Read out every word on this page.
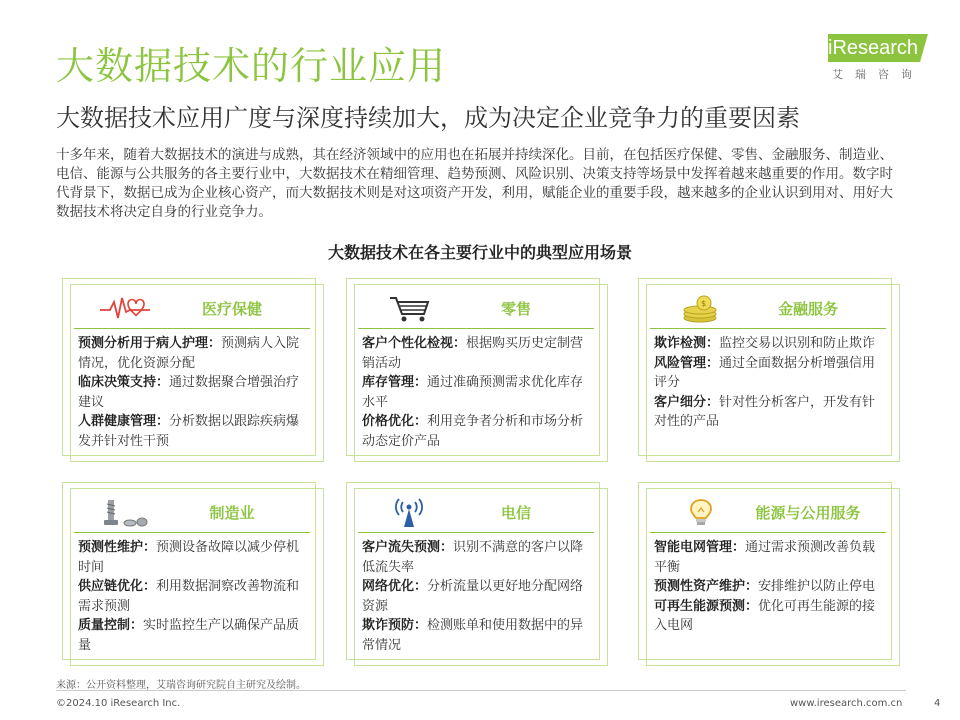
大数据技术的行业应用
大数据技术应用广度与深度持续加大，成为决定企业竞争力的重要因素
iResearch
艾瑞咨询
十多年来，随着大数据技术的演进与成熟，其在经济领域中的应用也在拓展并持续深化。目前，在包括医疗保健、零售、金融服务、制造业、电信、能源与公共服务的各主要行业中，大数据技术在精细管理、趋势预测、风险识别、决策支持等场景中发挥着越来越重要的作用。数字时代背景下，数据已成为企业核心资产，而大数据技术则是对这项资产开发，利用，赋能企业的重要手段，越来越多的企业认识到用对、用好大数据技术将决定自身的行业竞争力。
大数据技术在各主要行业中的典型应用场景
医疗保健

预测分析用于病人护理：预测病人入院情况，优化资源分配

临床决策支持：通过数据聚合增强治疗建议

人群健康管理：分析数据以跟踪疾病爆发并针对性干预

零售

客户个性化检视：根据购买历史定制营销活动

库存管理：通过准确预测需求优化库存水平

价格优化：利用竞争者分析和市场分析动态定价产品

$	金融服务

欺诈检测：监控交易以识别和防止欺诈

风险管理：通过全面数据分析增强信用评分

客户细分：针对性分析客户，开发有针对性的产品

制造业

预测性维护：预测设备故障以减少停机时间

供应链优化：利用数据洞察改善物流和需求预测

质量控制：实时监控生产以确保产品质量

电信

客户流失预测：识别不满意的客户以降低流失率

网络优化：分析流量以更好地分配网络资源

欺诈预防：检测账单和使用数据中的异常情况

能源与公用服务

智能电网管理：通过需求预测改善负载平衡

预测性资产维护：安排维护以防止停电

可再生能源预测：优化可再生能源的接入电网

来源：公开资料整理，艾瑞咨询研究院自主研究及绘制。
©2024.10 iResearch Inc.	www.iresearch.com.cn	4
